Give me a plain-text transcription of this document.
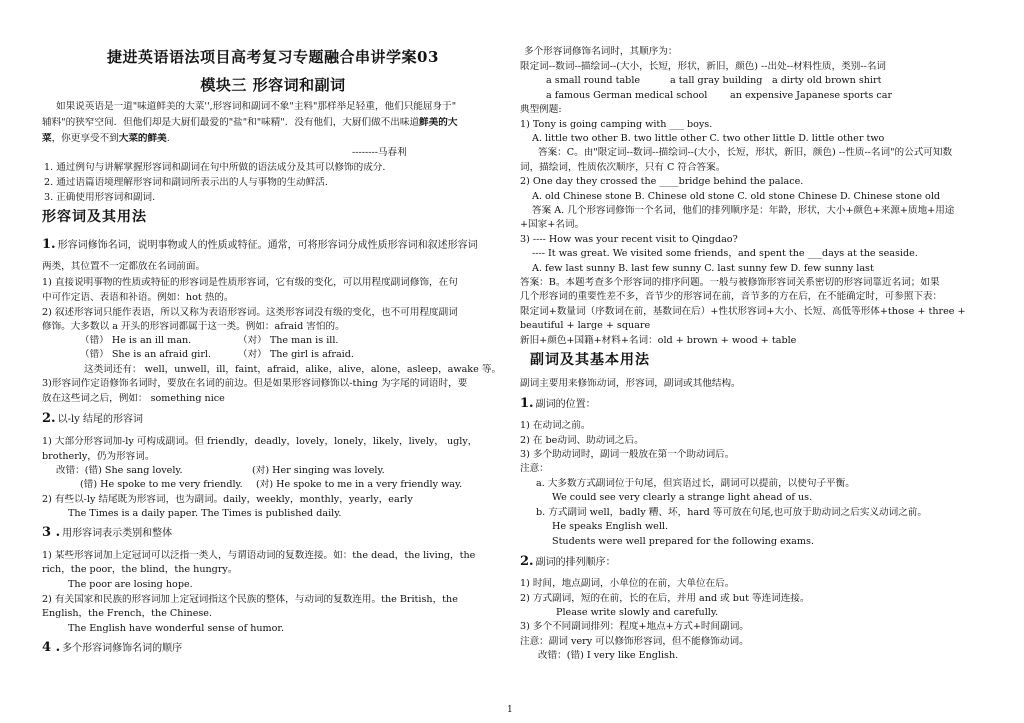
捷进英语语法项目高考复习专题融合串讲学案03
模块三 形容词和副词
如果说英语是一道"味道鲜美的大菜'',形容词和副词不象"主料"那样举足轻重，他们只能屈身于"
辅料"的狭窄空间．但他们却是大厨们最爱的"盐"和"味精"．没有他们，大厨们做不出味道鲜美的大
菜，你更享受不到大菜的鲜美.
--------马春利
1. 通过例句与讲解掌握形容词和副词在句中所做的语法成分及其可以修饰的成分.
2. 通过语篇语境理解形容词和副词所表示出的人与事物的生动鲜活.
3. 正确使用形容词和副词.
形容词及其用法
1. 形容词修饰名词，说明事物或人的性质或特征。通常，可将形容词分成性质形容词和叙述形容词
两类，其位置不一定都放在名词前面。
1) 直接说明事物的性质或特征的形容词是性质形容词，它有级的变化，可以用程度副词修饰，在句
中可作定语、表语和补语。例如：hot 热的。
2) 叙述形容词只能作表语，所以又称为表语形容词。这类形容词没有级的变化，也不可用程度副词
修饰。大多数以 a 开头的形容词都属于这一类。例如：afraid 害怕的。
（错） He is an ill man.	（对） The man is ill.
（错） She is an afraid girl.	（对） The girl is afraid.
这类词还有： well，unwell，ill，faint，afraid，alike，alive，alone，asleep，awake 等。
3)形容词作定语修饰名词时，要放在名词的前边。但是如果形容词修饰以-thing 为字尾的词语时，要
放在这些词之后，例如： something nice
2. 以-ly 结尾的形容词
1) 大部分形容词加-ly 可构成副词。但 friendly，deadly，lovely，lonely，likely，lively， ugly，
brotherly，仍为形容词。
改错：(错) She sang lovely.	(对) Her singing was lovely.
(错) He spoke to me very friendly. (对) He spoke to me in a very friendly way.
2) 有些以-ly 结尾既为形容词，也为副词。daily，weekly，monthly，yearly，early
The Times is a daily paper. The Times is published daily.
3 . 用形容词表示类别和整体
1) 某些形容词加上定冠词可以泛指一类人，与谓语动词的复数连接。如：the dead，the living，the
rich，the poor，the blind，the hungry。
The poor are losing hope.
2) 有关国家和民族的形容词加上定冠词指这个民族的整体，与动词的复数连用。the British，the
English，the French，the Chinese.
The English have wonderful sense of humor.
4 . 多个形容词修饰名词的顺序
多个形容词修饰名词时，其顺序为：
限定词--数词--描绘词--(大小，长短，形状，新旧，颜色) --出处--材料性质，类别--名词
a small round table	a tall gray building a dirty old brown shirt
a famous German medical school an expensive Japanese sports car
典型例题:
1) Tony is going camping with ___ boys.
A. little two other B. two little other C. two other little D. little other two
答案：C。由"限定词--数词--描绘词--(大小，长短，形状，新旧，颜色) --性质--名词"的公式可知数
词，描绘词，性质依次顺序，只有 C 符合答案。
2) One day they crossed the ____bridge behind the palace.
A. old Chinese stone B. Chinese old stone C. old stone Chinese D. Chinese stone old
答案 A. 几个形容词修饰一个名词，他们的排列顺序是：年龄，形状，大小+颜色+来源+质地+用途
+国家+名词。
3) ---- How was your recent visit to Qingdao?
---- It was great. We visited some friends，and spent the ___days at the seaside.
A. few last sunny B. last few sunny C. last sunny few D. few sunny last
答案：B。本题考查多个形容词的排序问题。一般与被修饰形容词关系密切的形容词靠近名词；如果
几个形容词的重要性差不多，音节少的形容词在前，音节多的方在后，在不能确定时，可参照下表：
限定词+数量词（序数词在前，基数词在后）+性状形容词+大小、长短、高低等形体+those + three +
beautiful + large + square
新旧+颜色+国籍+材料+名词：old + brown + wood + table
副词及其基本用法
副词主要用来修饰动词，形容词，副词或其他结构。
1. 副词的位置：
1) 在动词之前。
2) 在 be动词、助动词之后。
3) 多个助动词时，副词一般放在第一个助动词后。
注意：
a. 大多数方式副词位于句尾，但宾语过长，副词可以提前，以使句子平衡。
We could see very clearly a strange light ahead of us.
b. 方式副词 well，badly 糟、坏，hard 等可放在句尾,也可放于助动词之后实义动词之前。
He speaks English well.
Students were well prepared for the following exams.
2. 副词的排列顺序：
1) 时间，地点副词，小单位的在前，大单位在后。
2) 方式副词，短的在前，长的在后，并用 and 或 but 等连词连接。
Please write slowly and carefully.
3) 多个不同副词排列：程度+地点+方式+时间副词。
注意：副词 very 可以修饰形容词，但不能修饰动词。
改错：(错) I very like English.
1
